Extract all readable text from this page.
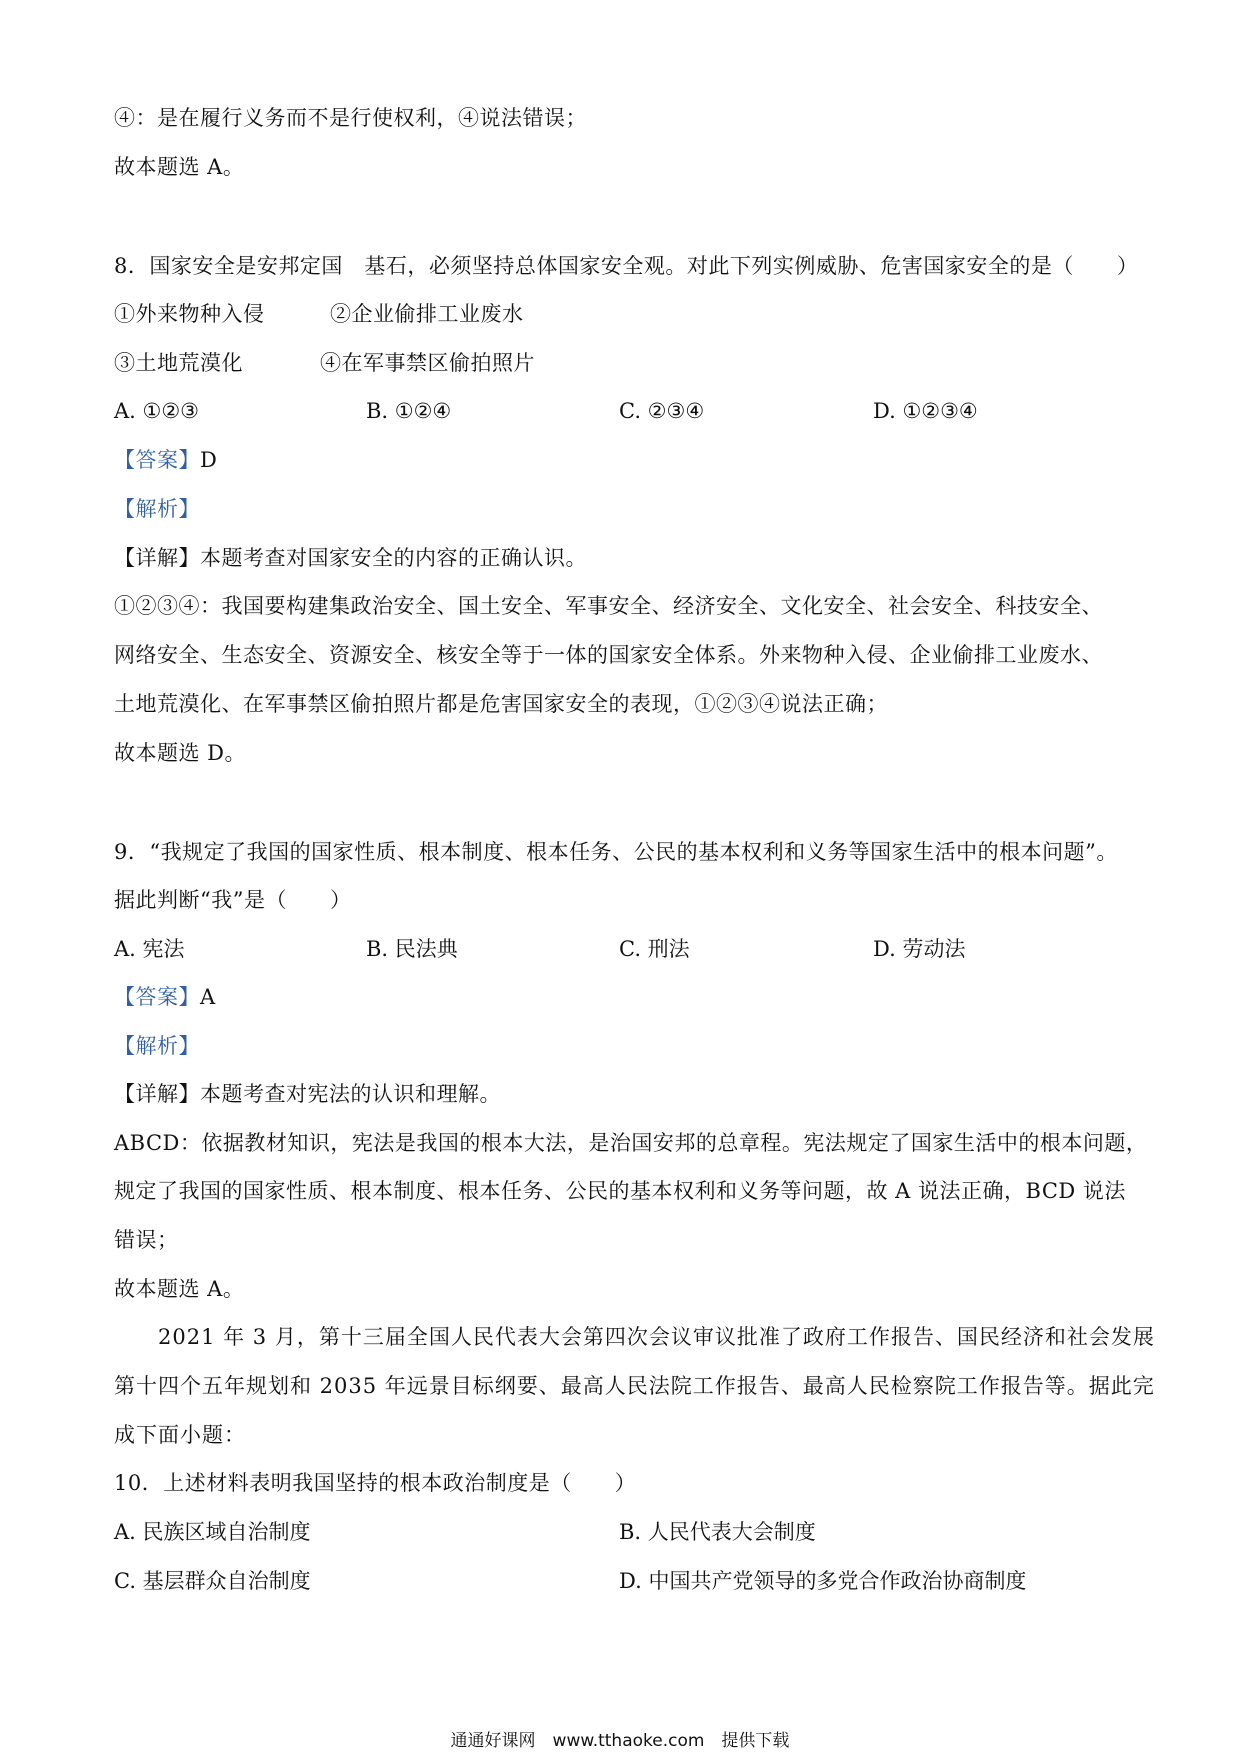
④：是在履行义务而不是行使权利，④说法错误；
故本题选 A。
8．国家安全是安邦定国　基石，必须坚持总体国家安全观。对此下列实例威胁、危害国家安全的是（　　）
①外来物种入侵	②企业偷排工业废水
③土地荒漠化	④在军事禁区偷拍照片
A. ①②③	B. ①②④	C. ②③④	D. ①②③④
【答案】D
【解析】
【详解】本题考查对国家安全的内容的正确认识。
①②③④：我国要构建集政治安全、国土安全、军事安全、经济安全、文化安全、社会安全、科技安全、
网络安全、生态安全、资源安全、核安全等于一体的国家安全体系。外来物种入侵、企业偷排工业废水、
土地荒漠化、在军事禁区偷拍照片都是危害国家安全的表现，①②③④说法正确；
故本题选 D。
9．“我规定了我国的国家性质、根本制度、根本任务、公民的基本权利和义务等国家生活中的根本问题”。
据此判断“我”是（　　）
A. 宪法	B. 民法典	C. 刑法	D. 劳动法
【答案】A
【解析】
【详解】本题考查对宪法的认识和理解。
ABCD：依据教材知识，宪法是我国的根本大法，是治国安邦的总章程。宪法规定了国家生活中的根本问题，
规定了我国的国家性质、根本制度、根本任务、公民的基本权利和义务等问题，故 A 说法正确，BCD 说法
错误；
故本题选 A。
2021 年 3 月，第十三届全国人民代表大会第四次会议审议批准了政府工作报告、国民经济和社会发展
第十四个五年规划和 2035 年远景目标纲要、最高人民法院工作报告、最高人民检察院工作报告等。据此完
成下面小题：
10．上述材料表明我国坚持的根本政治制度是（　　）
A. 民族区域自治制度	B. 人民代表大会制度
C. 基层群众自治制度	D. 中国共产党领导的多党合作政治协商制度
通通好课网　www.tthaoke.com　提供下载
